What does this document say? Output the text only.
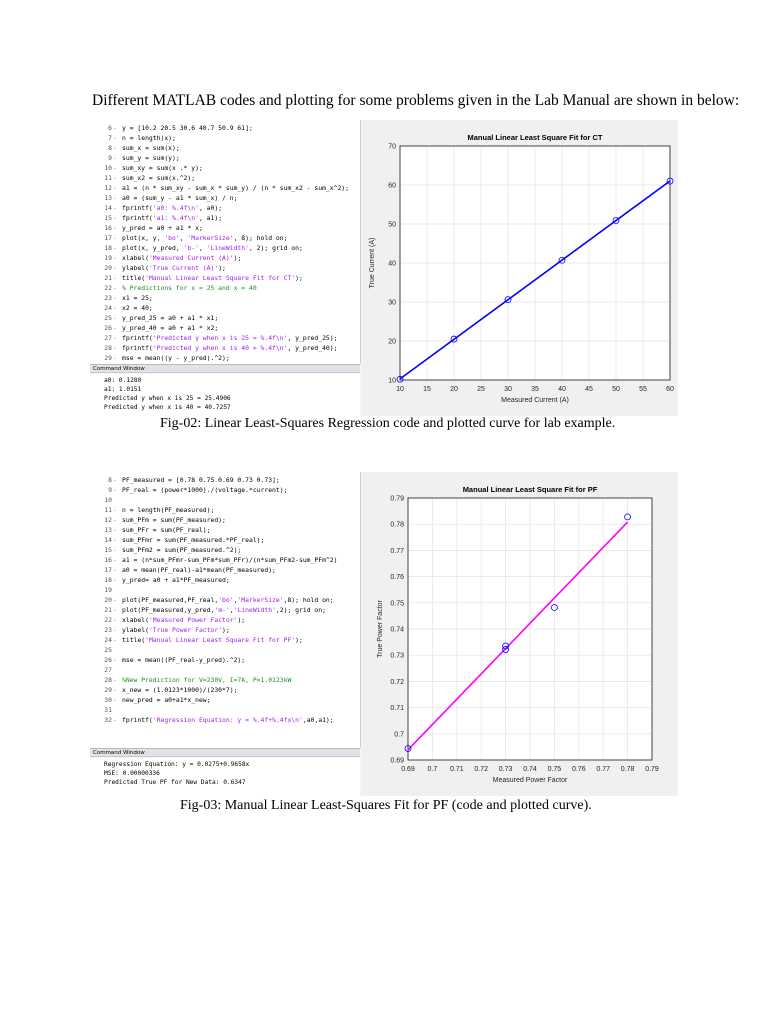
Different MATLAB codes and plotting for some problems given in the Lab Manual are shown in below:
6 - y = [10.2 20.5 30.6 40.7 50.9 61];
7 - n = length(x);
8 - sum_x = sum(x);
9 - sum_y = sum(y);
10 - sum_xy = sum(x .* y);
11 - sum_x2 = sum(x.^2);
12 - a1 = (n * sum_xy - sum_x * sum_y) / (n * sum_x2 - sum_x^2);
13 - a0 = (sum_y - a1 * sum_x) / n;
14 - fprintf('a0: %.4f\n', a0);
15 - fprintf('a1: %.4f\n', a1);
16 - y_pred = a0 + a1 * x;
17 - plot(x, y, 'bo', 'MarkerSize', 8); hold on;
18 - plot(x, y_pred, 'b-', 'LineWidth', 2); grid on;
19 - xlabel('Measured Current (A)');
20 - ylabel('True Current (A)');
21 - title('Manual Linear Least Square Fit for CT');
22 - % Predictions for x = 25 and x = 40
23 - x1 = 25;
24 - x2 = 40;
25 - y_pred_25 = a0 + a1 * x1;
26 - y_pred_40 = a0 + a1 * x2;
27 - fprintf('Predicted y when x is 25 = %.4f\n', y_pred_25);
28 - fprintf('Predicted y when x is 40 = %.4f\n', y_pred_40);
29 - mse = mean((y - y_pred).^2);
Command Window
a0: 0.1280
a1: 1.0151
Predicted y when x is 25 = 25.4906
Predicted y when x is 40 = 40.7257
10	15	20	25	30	35	40	45	50	55	60
10
20
30
40
50
60
70
Manual Linear Least Square Fit for CT
Measured Current (A)
True Current (A)
Fig-02: Linear Least-Squares Regression code and plotted curve for lab example.
8 - PF_measured = [0.78 0.75 0.69 0.73 0.73];
9 - PF_real = (power*1000)./(voltage.*current);
10
11 - n = length(PF_measured);
12 - sum_PFm = sum(PF_measured);
13 - sum_PFr = sum(PF_real);
14 - sum_PFmr = sum(PF_measured.*PF_real);
15 - sum_PFm2 = sum(PF_measured.^2);
16 - a1 = (n*sum_PFmr-sum_PFm*sum_PFr)/(n*sum_PFm2-sum_PFm^2)
17 - a0 = mean(PF_real)-a1*mean(PF_measured);
18 - y_pred= a0 + a1*PF_measured;
19
20 - plot(PF_measured,PF_real,'bo','MarkerSize',8); hold on;
21 - plot(PF_measured,y_pred,'m-','LineWidth',2); grid on;
22 - xlabel('Measured Power Factor');
23 - ylabel('True Power Factor');
24 - title('Manual Linear Least Square Fit for PF');
25
26 - mse = mean((PF_real-y_pred).^2);
27
28 - %New Prediction for V=230V, I=7A, P=1.0123kW
29 - x_new = (1.0123*1000)/(230*7);
30 - new_pred = a0+a1*x_new;
31
32 - fprintf('Regression Equation: y = %.4f+%.4fx\n',a0,a1);
Command Window
Regression Equation: y = 0.0275+0.9658x
MSE: 0.00000336
Predicted True PF for New Data: 0.6347
0.69 0.7 0.71 0.72 0.73 0.74 0.75 0.76 0.77 0.78 0.79
0.69
0.7
0.71
0.72
0.73
0.74
0.75
0.76
0.77
0.78
0.79
Manual Linear Least Square Fit for PF
Measured Power Factor
True Power Factor
Fig-03: Manual Linear Least-Squares Fit for PF (code and plotted curve).
